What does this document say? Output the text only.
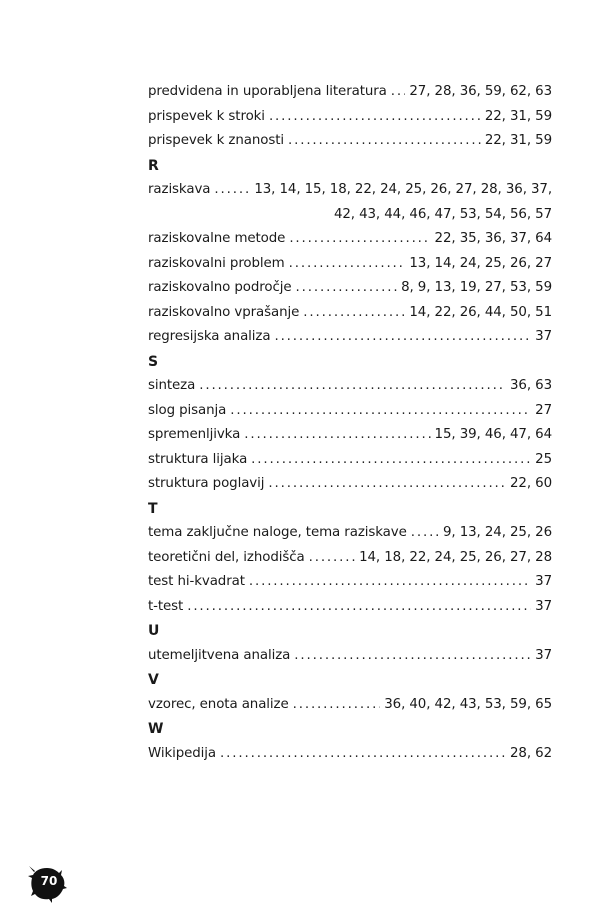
predvidena in uporabljena literatura . . . 27, 28, 36, 59, 62, 63
prispevek k stroki . . .	22, 31, 59
prispevek k znanosti . . .	22, 31, 59
R
raziskava . . .	13, 14, 15, 18, 22, 24, 25, 26, 27, 28, 36, 37,
42, 43, 44, 46, 47, 53, 54, 56, 57
raziskovalne metode . . .	22, 35, 36, 37, 64
raziskovalni problem . . .	13, 14, 24, 25, 26, 27
raziskovalno področje . . .	8, 9, 13, 19, 27, 53, 59
raziskovalno vprašanje . . .	14, 22, 26, 44, 50, 51
regresijska analiza . . .	37
S
sinteza . . .	36, 63
slog pisanja . . .	27
spremenljivka . . .	15, 39, 46, 47, 64
struktura lijaka . . .	25
struktura poglavij . . .	22, 60
T
tema zaključne naloge, tema raziskave . . .	9, 13, 24, 25, 26
teoretični del, izhodišča . . .	14, 18, 22, 24, 25, 26, 27, 28
test hi-kvadrat . . .	37
t-test . . .	37
U
utemeljitvena analiza . . .	37
V
vzorec, enota analize . . .	36, 40, 42, 43, 53, 59, 65
W
Wikipedija . . .	28, 62
70
